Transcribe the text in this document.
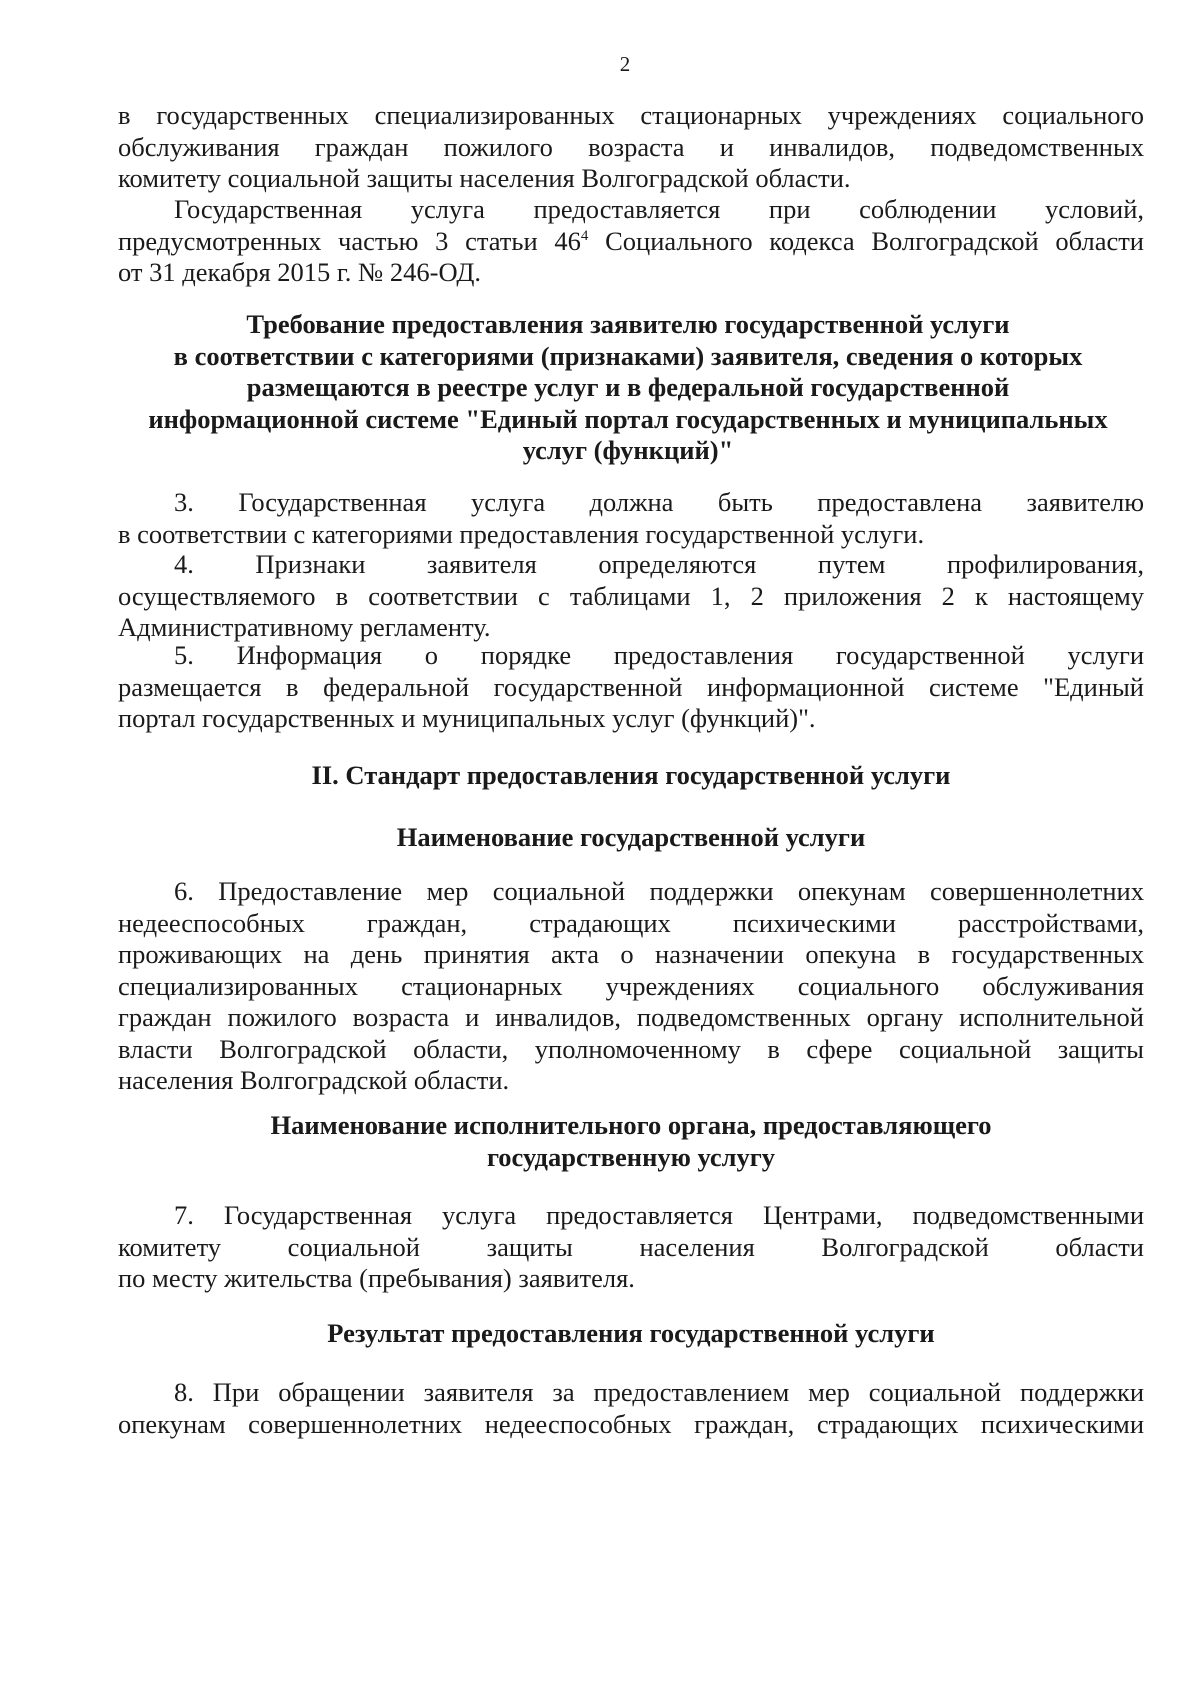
2

в государственных специализированных стационарных учреждениях социального
обслуживания граждан пожилого возраста и инвалидов, подведомственных
комитету социальной защиты населения Волгоградской области.

Государственная услуга предоставляется при соблюдении условий,
предусмотренных частью 3 статьи $46^4$ Социального кодекса Волгоградской области
от 31 декабря 2015 г. № 246-ОД.

Требование предоставления заявителю государственной услуги
в соответствии с категориями (признаками) заявителя, сведения о которых
размещаются в реестре услуг и в федеральной государственной
информационной системе "Единый портал государственных и муниципальных
услуг (функций)"

3. Государственная услуга должна быть предоставлена заявителю
в соответствии с категориями предоставления государственной услуги.

4. Признаки заявителя определяются путем профилирования,
осуществляемого в соответствии с таблицами 1, 2 приложения 2 к настоящему
Административному регламенту.

5. Информация о порядке предоставления государственной услуги
размещается в федеральной государственной информационной системе "Единый
портал государственных и муниципальных услуг (функций)".

II. Стандарт предоставления государственной услуги
Наименование государственной услуги

6. Предоставление мер социальной поддержки опекунам совершеннолетних
недееспособных граждан, страдающих психическими расстройствами,
проживающих на день принятия акта о назначении опекуна в государственных
специализированных стационарных учреждениях социального обслуживания
граждан пожилого возраста и инвалидов, подведомственных органу исполнительной
власти Волгоградской области, уполномоченному в сфере социальной защиты
населения Волгоградской области.

Наименование исполнительного органа, предоставляющего
государственную услугу

7. Государственная услуга предоставляется Центрами, подведомственными
комитету социальной защиты населения Волгоградской области
по месту жительства (пребывания) заявителя.

Результат предоставления государственной услуги

8. При обращении заявителя за предоставлением мер социальной поддержки
опекунам совершеннолетних недееспособных граждан, страдающих психическими
